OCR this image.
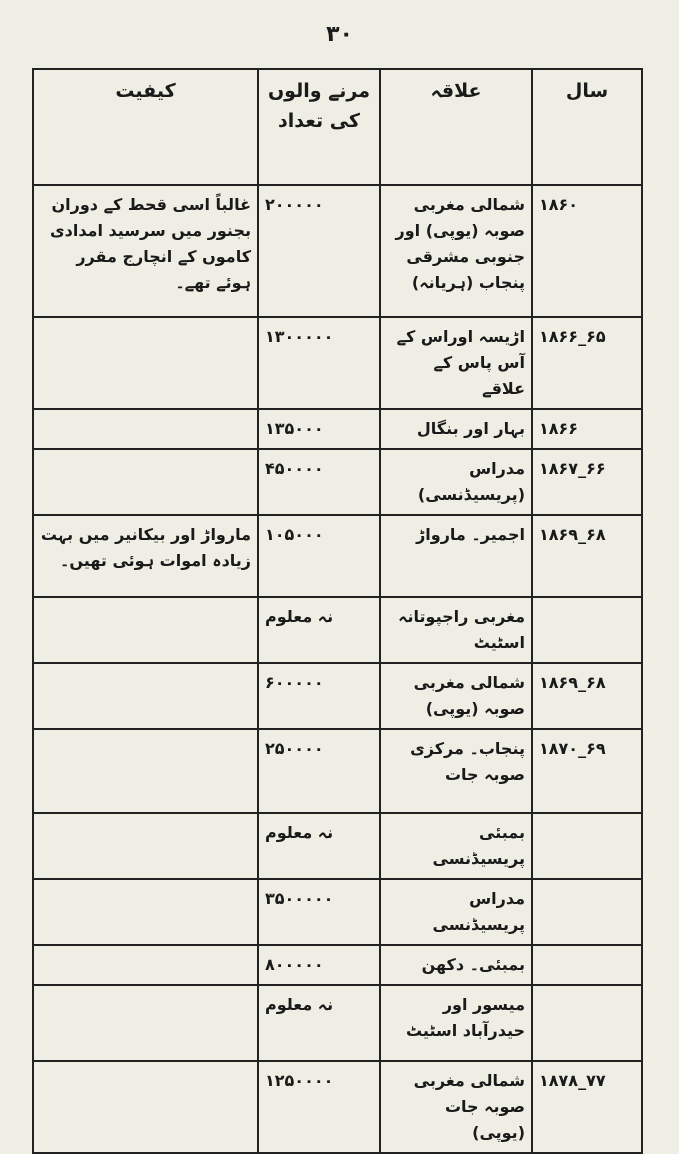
۳۰
سال	علاقہ	مرنے والوں کی تعداد	کیفیت
۱۸۶۰	شمالی مغربی صوبہ (یوپی) اور جنوبی مشرقی پنجاب (ہریانہ)	۲۰۰۰۰۰	غالباً اسی قحط کے دوران بجنور میں سرسید امدادی کاموں کے انچارج مقرر ہوئے تھے۔
۱۸۶۶_۶۵	اڑیسہ اوراس کے آس پاس کے علاقے	۱۳۰۰۰۰۰	
۱۸۶۶	بہار اور بنگال	۱۳۵۰۰۰	
۱۸۶۷_۶۶	مدراس (پریسیڈنسی)	۴۵۰۰۰۰	
۱۸۶۹_۶۸	اجمیر۔ مارواڑ	۱۰۵۰۰۰	مارواڑ اور بیکانیر میں بہت زیادہ اموات ہوئی تھیں۔
	مغربی راجپوتانہ اسٹیٹ	نہ معلوم	
۱۸۶۹_۶۸	شمالی مغربی صوبہ (یوپی)	۶۰۰۰۰۰	
۱۸۷۰_۶۹	پنجاب۔ مرکزی صوبہ جات	۲۵۰۰۰۰	
	بمبئی پریسیڈنسی	نہ معلوم	
	مدراس پریسیڈنسی	۳۵۰۰۰۰۰	
	بمبئی۔ دکھن	۸۰۰۰۰۰	
	میسور اور حیدرآباد اسٹیٹ	نہ معلوم	
۱۸۷۸_۷۷	شمالی مغربی صوبہ جات (یوپی)	۱۲۵۰۰۰۰	
